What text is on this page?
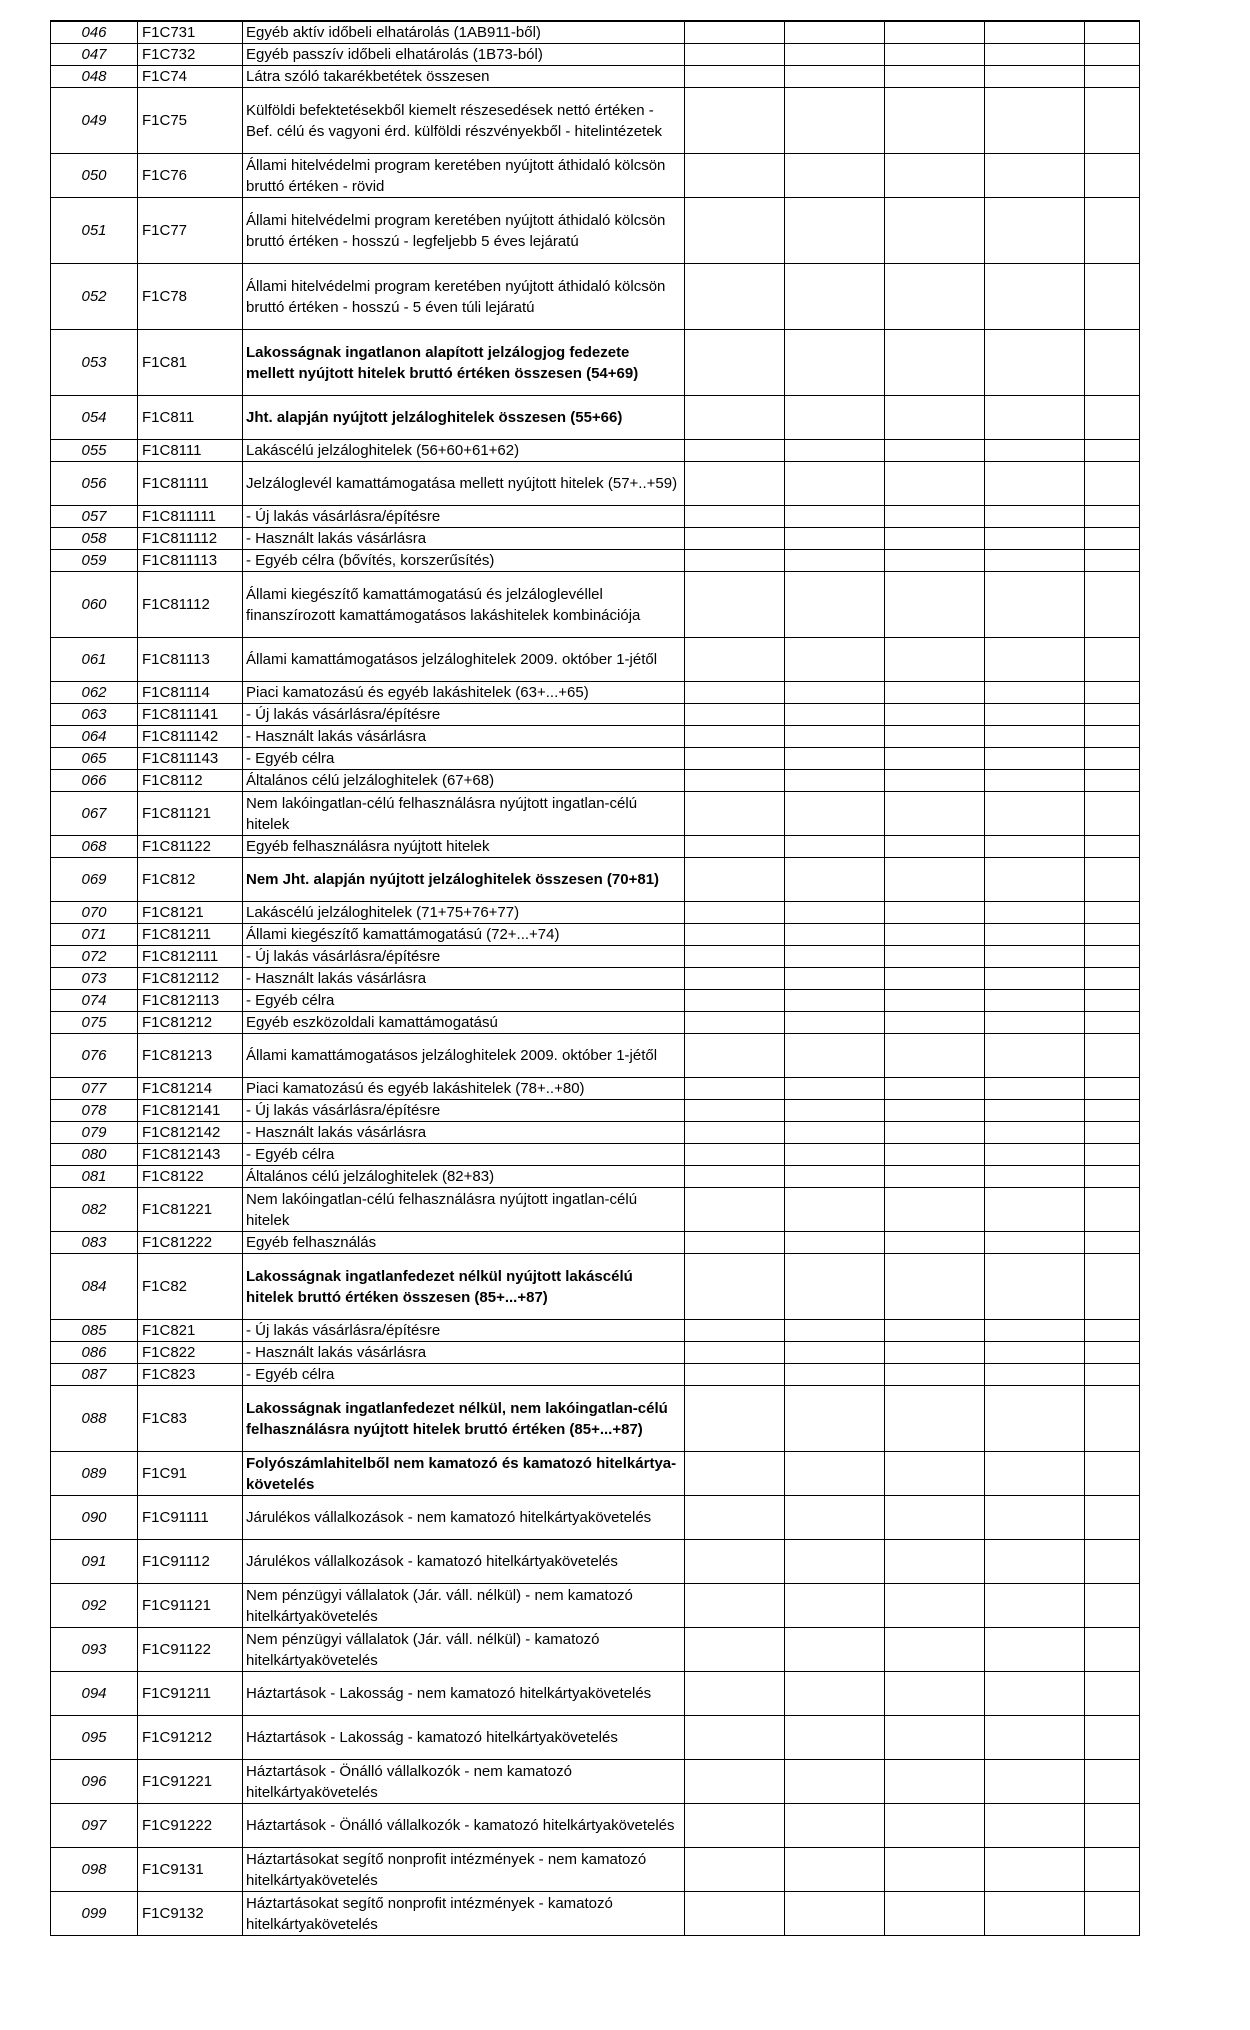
046	F1C731	Egyéb aktív időbeli elhatárolás (1AB911-ből)					
047	F1C732	Egyéb passzív időbeli elhatárolás (1B73-ból)					
048	F1C74	Látra szóló takarékbetétek összesen					
049	F1C75	Külföldi befektetésekből kiemelt részesedések nettó értéken - Bef. célú és vagyoni érd. külföldi részvényekből - hitelintézetek					
050	F1C76	Állami hitelvédelmi program keretében nyújtott áthidaló kölcsön bruttó értéken - rövid					
051	F1C77	Állami hitelvédelmi program keretében nyújtott áthidaló kölcsön bruttó értéken - hosszú - legfeljebb 5 éves lejáratú					
052	F1C78	Állami hitelvédelmi program keretében nyújtott áthidaló kölcsön bruttó értéken - hosszú - 5 éven túli lejáratú					
053	F1C81	Lakosságnak ingatlanon alapított jelzálogjog fedezete mellett nyújtott hitelek bruttó értéken összesen (54+69)					
054	F1C811	Jht. alapján nyújtott jelzáloghitelek összesen (55+66)					
055	F1C8111	Lakáscélú jelzáloghitelek (56+60+61+62)					
056	F1C81111	Jelzáloglevél kamattámogatása mellett nyújtott hitelek (57+..+59)					
057	F1C811111	- Új lakás vásárlásra/építésre					
058	F1C811112	- Használt lakás vásárlásra					
059	F1C811113	- Egyéb célra (bővítés, korszerűsítés)					
060	F1C81112	Állami kiegészítő kamattámogatású és jelzáloglevéllel finanszírozott kamattámogatásos lakáshitelek kombinációja					
061	F1C81113	Állami kamattámogatásos jelzáloghitelek 2009. október 1-jétől					
062	F1C81114	Piaci kamatozású és egyéb lakáshitelek (63+...+65)					
063	F1C811141	- Új lakás vásárlásra/építésre					
064	F1C811142	- Használt lakás vásárlásra					
065	F1C811143	- Egyéb célra					
066	F1C8112	Általános célú jelzáloghitelek (67+68)					
067	F1C81121	Nem lakóingatlan-célú felhasználásra nyújtott ingatlan-célú hitelek					
068	F1C81122	Egyéb felhasználásra nyújtott hitelek					
069	F1C812	Nem Jht. alapján nyújtott jelzáloghitelek összesen (70+81)					
070	F1C8121	Lakáscélú jelzáloghitelek (71+75+76+77)					
071	F1C81211	Állami kiegészítő kamattámogatású (72+...+74)					
072	F1C812111	- Új lakás vásárlásra/építésre					
073	F1C812112	- Használt lakás vásárlásra					
074	F1C812113	- Egyéb célra					
075	F1C81212	Egyéb eszközoldali kamattámogatású					
076	F1C81213	Állami kamattámogatásos jelzáloghitelek 2009. október 1-jétől					
077	F1C81214	Piaci kamatozású és egyéb lakáshitelek (78+..+80)					
078	F1C812141	- Új lakás vásárlásra/építésre					
079	F1C812142	- Használt lakás vásárlásra					
080	F1C812143	- Egyéb célra					
081	F1C8122	Általános célú jelzáloghitelek (82+83)					
082	F1C81221	Nem lakóingatlan-célú felhasználásra nyújtott ingatlan-célú hitelek					
083	F1C81222	Egyéb felhasználás					
084	F1C82	Lakosságnak ingatlanfedezet nélkül nyújtott lakáscélú hitelek bruttó értéken összesen (85+...+87)					
085	F1C821	- Új lakás vásárlásra/építésre					
086	F1C822	- Használt lakás vásárlásra					
087	F1C823	- Egyéb célra					
088	F1C83	Lakosságnak ingatlanfedezet nélkül, nem lakóingatlan-célú felhasználásra nyújtott hitelek bruttó értéken (85+...+87)					
089	F1C91	Folyószámlahitelből nem kamatozó és kamatozó hitelkártya-követelés					
090	F1C91111	Járulékos vállalkozások - nem kamatozó hitelkártyakövetelés					
091	F1C91112	Járulékos vállalkozások - kamatozó hitelkártyakövetelés					
092	F1C91121	Nem pénzügyi vállalatok (Jár. váll. nélkül) - nem kamatozó hitelkártyakövetelés					
093	F1C91122	Nem pénzügyi vállalatok (Jár. váll. nélkül) - kamatozó hitelkártyakövetelés					
094	F1C91211	Háztartások - Lakosság - nem kamatozó hitelkártyakövetelés					
095	F1C91212	Háztartások - Lakosság - kamatozó hitelkártyakövetelés					
096	F1C91221	Háztartások - Önálló vállalkozók - nem kamatozó hitelkártyakövetelés					
097	F1C91222	Háztartások - Önálló vállalkozók - kamatozó hitelkártyakövetelés					
098	F1C9131	Háztartásokat segítő nonprofit intézmények - nem kamatozó hitelkártyakövetelés					
099	F1C9132	Háztartásokat segítő nonprofit intézmények - kamatozó hitelkártyakövetelés					
